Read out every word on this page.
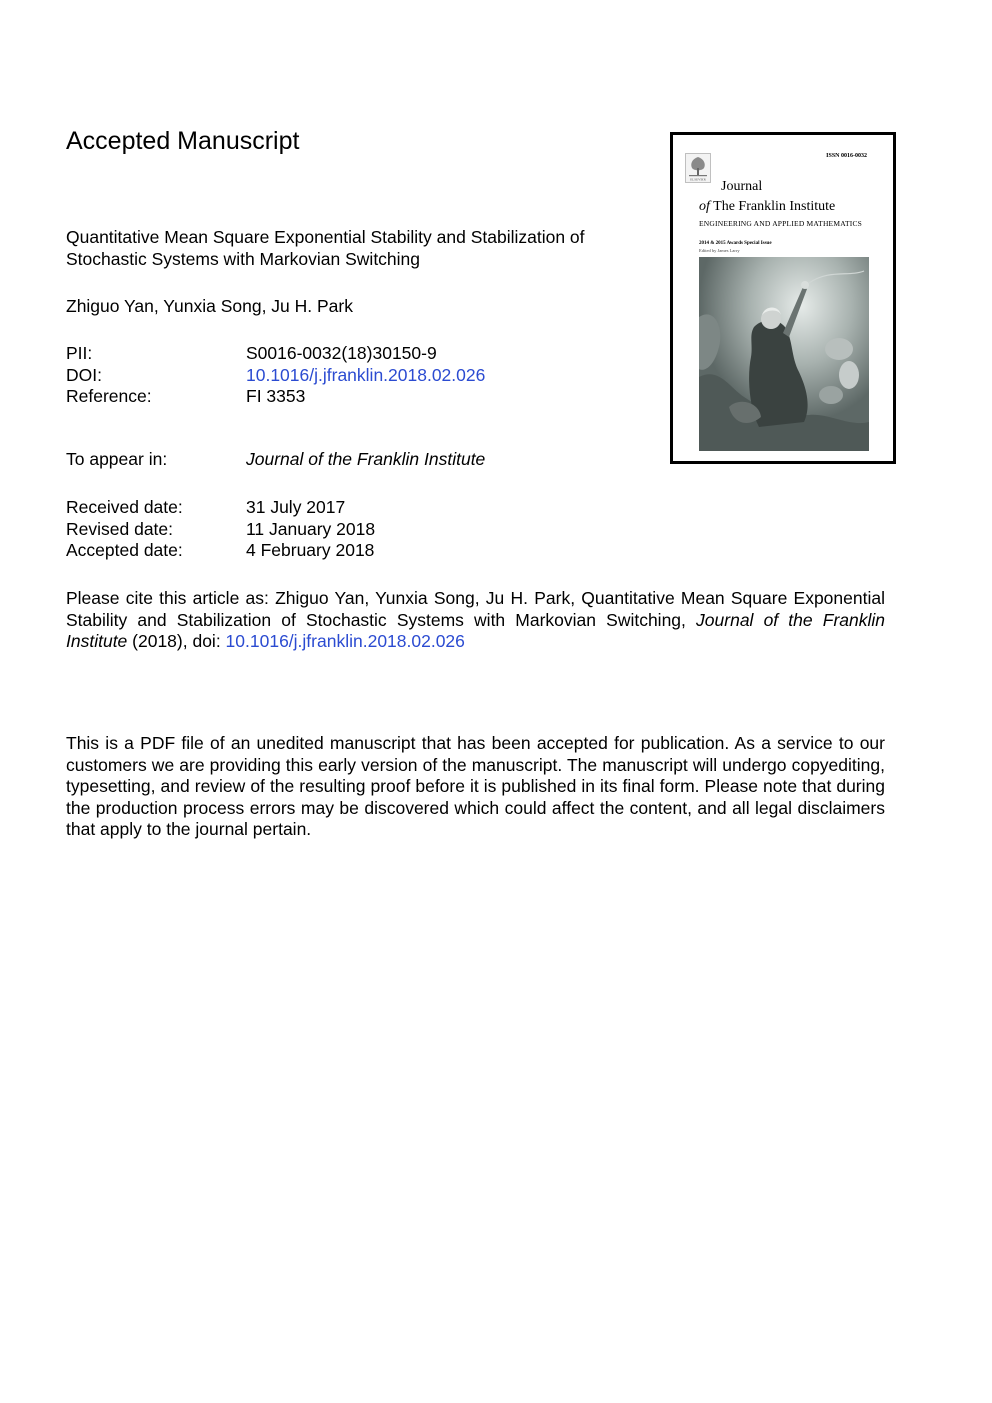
Accepted Manuscript
Quantitative Mean Square Exponential Stability and Stabilization of Stochastic Systems with Markovian Switching
Zhiguo Yan, Yunxia Song, Ju H. Park
PII:	S0016-0032(18)30150-9
DOI:	10.1016/j.jfranklin.2018.02.026
Reference:	FI 3353
To appear in:	Journal of the Franklin Institute
Received date:	31 July 2017
Revised date:	11 January 2018
Accepted date:	4 February 2018
Please cite this article as: Zhiguo Yan, Yunxia Song, Ju H. Park, Quantitative Mean Square Exponential Stability and Stabilization of Stochastic Systems with Markovian Switching, Journal of the Franklin Institute (2018), doi: 10.1016/j.jfranklin.2018.02.026
This is a PDF file of an unedited manuscript that has been accepted for publication. As a service to our customers we are providing this early version of the manuscript. The manuscript will undergo copyediting, typesetting, and review of the resulting proof before it is published in its final form. Please note that during the production process errors may be discovered which could affect the content, and all legal disclaimers that apply to the journal pertain.
ISSN 0016-0032
ELSEVIER Journal
of The Franklin Institute
ENGINEERING AND APPLIED MATHEMATICS
2014 & 2015 Awards Special Issue
Edited by James Larry
